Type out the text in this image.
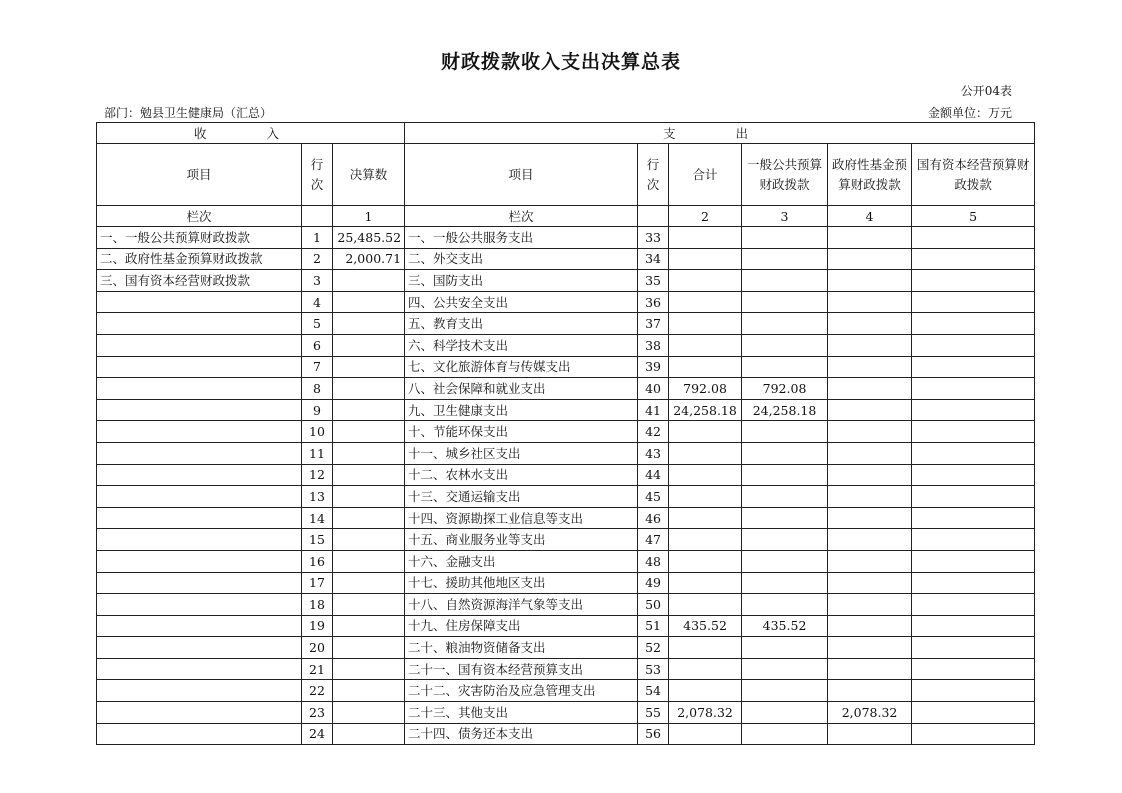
财政拨款收入支出决算总表
公开04表
部门：勉县卫生健康局（汇总）	金额单位：万元
收 入			支 出					
项目	行次	决算数	项目	行次	合计	一般公共预算财政拨款	政府性基金预算财政拨款	国有资本经营预算财政拨款
栏次		1	栏次		2	3	4	5
一、一般公共预算财政拨款	1	25,485.52	一、一般公共服务支出	33				
二、政府性基金预算财政拨款	2	2,000.71	二、外交支出	34				
三、国有资本经营财政拨款	3		三、国防支出	35				
	4		四、公共安全支出	36				
	5		五、教育支出	37				
	6		六、科学技术支出	38				
	7		七、文化旅游体育与传媒支出	39				
	8		八、社会保障和就业支出	40	792.08	792.08		
	9		九、卫生健康支出	41	24,258.18	24,258.18		
	10		十、节能环保支出	42				
	11		十一、城乡社区支出	43				
	12		十二、农林水支出	44				
	13		十三、交通运输支出	45				
	14		十四、资源勘探工业信息等支出	46				
	15		十五、商业服务业等支出	47				
	16		十六、金融支出	48				
	17		十七、援助其他地区支出	49				
	18		十八、自然资源海洋气象等支出	50				
	19		十九、住房保障支出	51	435.52	435.52		
	20		二十、粮油物资储备支出	52				
	21		二十一、国有资本经营预算支出	53				
	22		二十二、灾害防治及应急管理支出	54				
	23		二十三、其他支出	55	2,078.32		2,078.32	
	24		二十四、债务还本支出	56				
